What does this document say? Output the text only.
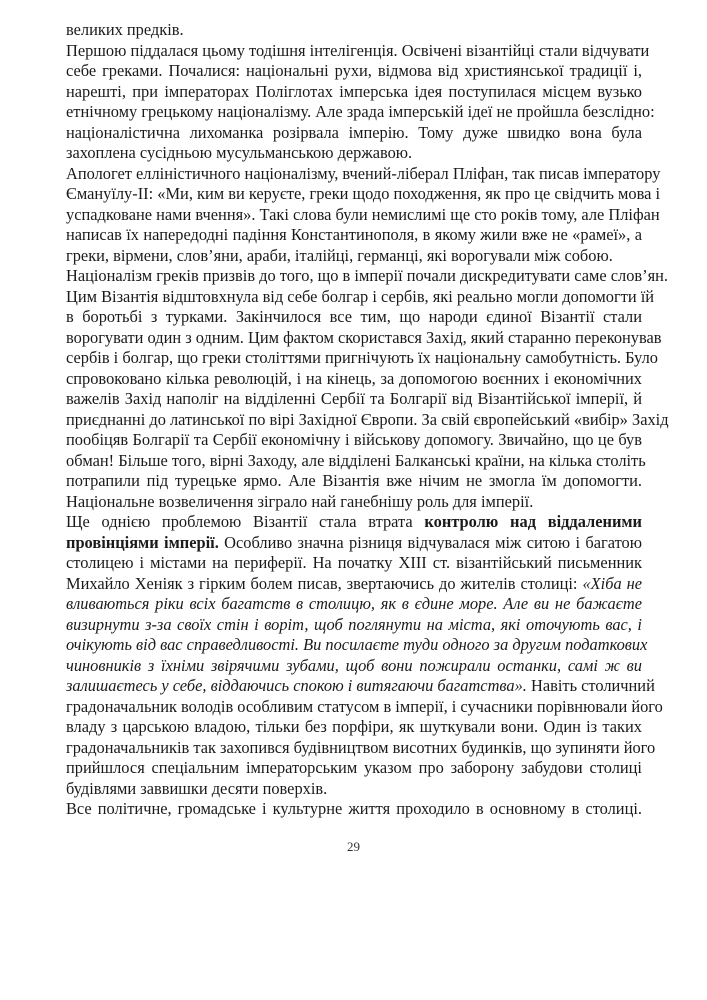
великих предків.
Першою піддалася цьому тодішня інтелігенція. Освічені візантійці стали відчувати
себе греками. Почалися: національні рухи, відмова від християнської традиції і,
нарешті, при імператорах Поліглотах імперська ідея поступилася місцем вузько
етнічному грецькому націоналізму. Але зрада імперській ідеї не пройшла безслідно:
націоналістична лихоманка розірвала імперію. Тому дуже швидко вона була
захоплена сусідньою мусульманською державою.
Апологет елліністичного націоналізму, вчений-ліберал Пліфан, так писав імператору
Ємануїлу-ІІ: «Ми, ким ви керуєте, греки щодо походження, як про це свідчить мова і
успадковане нами вчення». Такі слова були немислимі ще сто років тому, але Пліфан
написав їх напередодні падіння Константинополя, в якому жили вже не «рамеї», а
греки, вірмени, слов’яни, араби, італійці, германці, які ворогували між собою.
Націоналізм греків призвів до того, що в імперії почали дискредитувати саме слов’ян.
Цим Візантія відштовхнула від себе болгар і сербів, які реально могли допомогти їй
в боротьбі з турками. Закінчилося все тим, що народи єдиної Візантії стали
ворогувати один з одним. Цим фактом скористався Захід, який старанно переконував
сербів і болгар, що греки століттями пригнічують їх національну самобутність. Було
спровоковано кілька революцій, і на кінець, за допомогою воєнних і економічних
важелів Захід наполіг на відділенні Сербії та Болгарії від Візантійської імперії, й
приєднанні до латинської по вірі Західної Європи. За свій європейський «вибір» Захід
пообіцяв Болгарії та Сербії економічну і військову допомогу. Звичайно, що це був
обман! Більше того, вірні Заходу, але відділені Балканські країни, на кілька століть
потрапили під турецьке ярмо. Але Візантія вже нічим не змогла їм допомогти.
Національне возвеличення зіграло най ганебнішу роль для імперії.
Ще однією проблемою Візантії стала втрата контролю над віддаленими
провінціями імперії. Особливо значна різниця відчувалася між ситою і багатою
столицею і містами на периферії. На початку XIII ст. візантійський письменник
Михайло Хеніяк з гірким болем писав, звертаючись до жителів столиці: «Хіба не
вливаються ріки всіх багатств в столицю, як в єдине море. Але ви не бажаєте
визирнути з-за своїх стін і воріт, щоб поглянути на міста, які оточують вас, і
очікують від вас справедливості. Ви посилаєте туди одного за другим податкових
чиновників з їхніми звірячими зубами, щоб вони пожирали останки, самі ж ви
залишаєтесь у себе, віддаючись спокою і витягаючи багатства». Навіть столичний
градоначальник володів особливим статусом в імперії, і сучасники порівнювали його
владу з царською владою, тільки без порфіри, як шуткували вони. Один із таких
градоначальників так захопився будівництвом висотних будинків, що зупиняти його
прийшлося спеціальним імператорським указом про заборону забудови столиці
будівлями заввишки десяти поверхів.
Все політичне, громадське і культурне життя проходило в основному в столиці.
29
